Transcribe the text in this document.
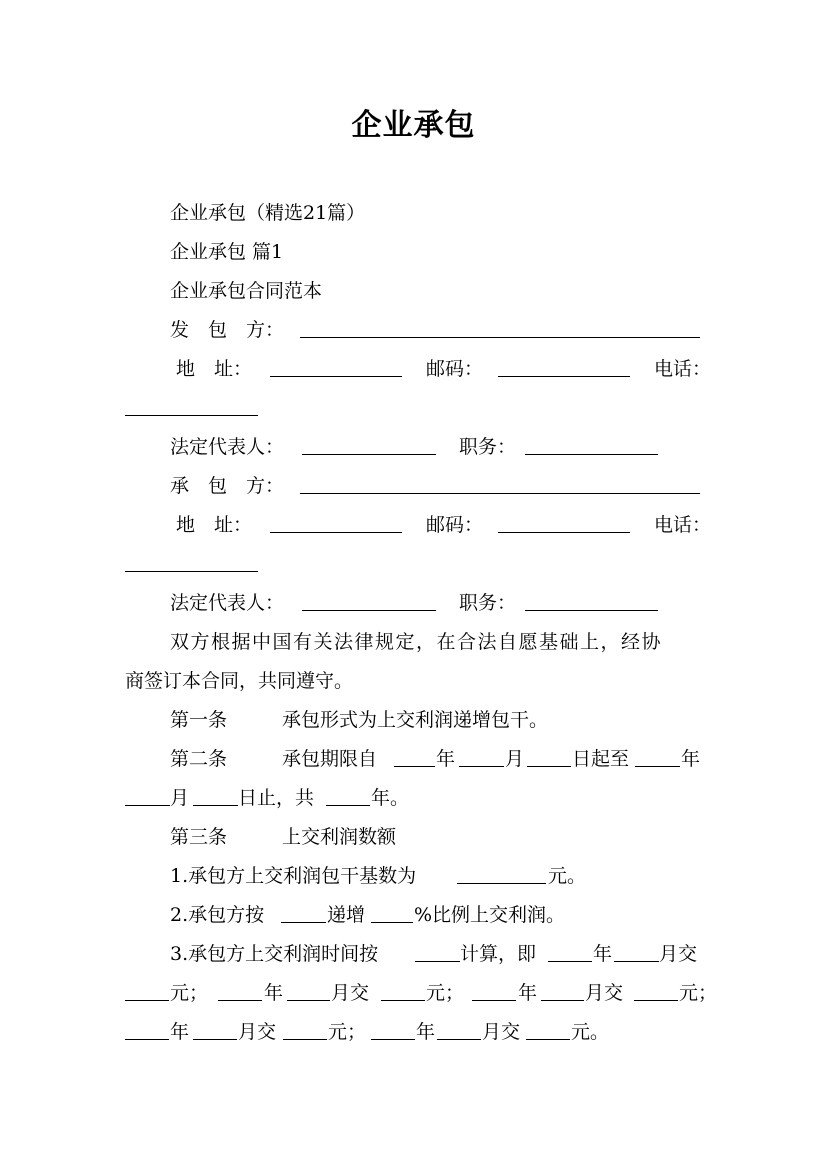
企业承包
企业承包（精选21篇）
企业承包 篇1
企业承包合同范本
发　包　方：
地　址：	邮码：	电话：
法定代表人：	职务：
承　包　方：
地　址：	邮码：	电话：
法定代表人：	职务：
双方根据中国有关法律规定，在合法自愿基础上，经协
商签订本合同，共同遵守。
第一条	承包形式为上交利润递增包干。
第二条	承包期限自	年	月	日起至	年
月	日止，共	年。
第三条	上交利润数额
1.承包方上交利润包干基数为	元。
2.承包方按	递增	%比例上交利润。
3.承包方上交利润时间按	计算，即	年 月交
元；	年	月交	元；	年	月交	元；
年	月交	元；	年 月交	元。
